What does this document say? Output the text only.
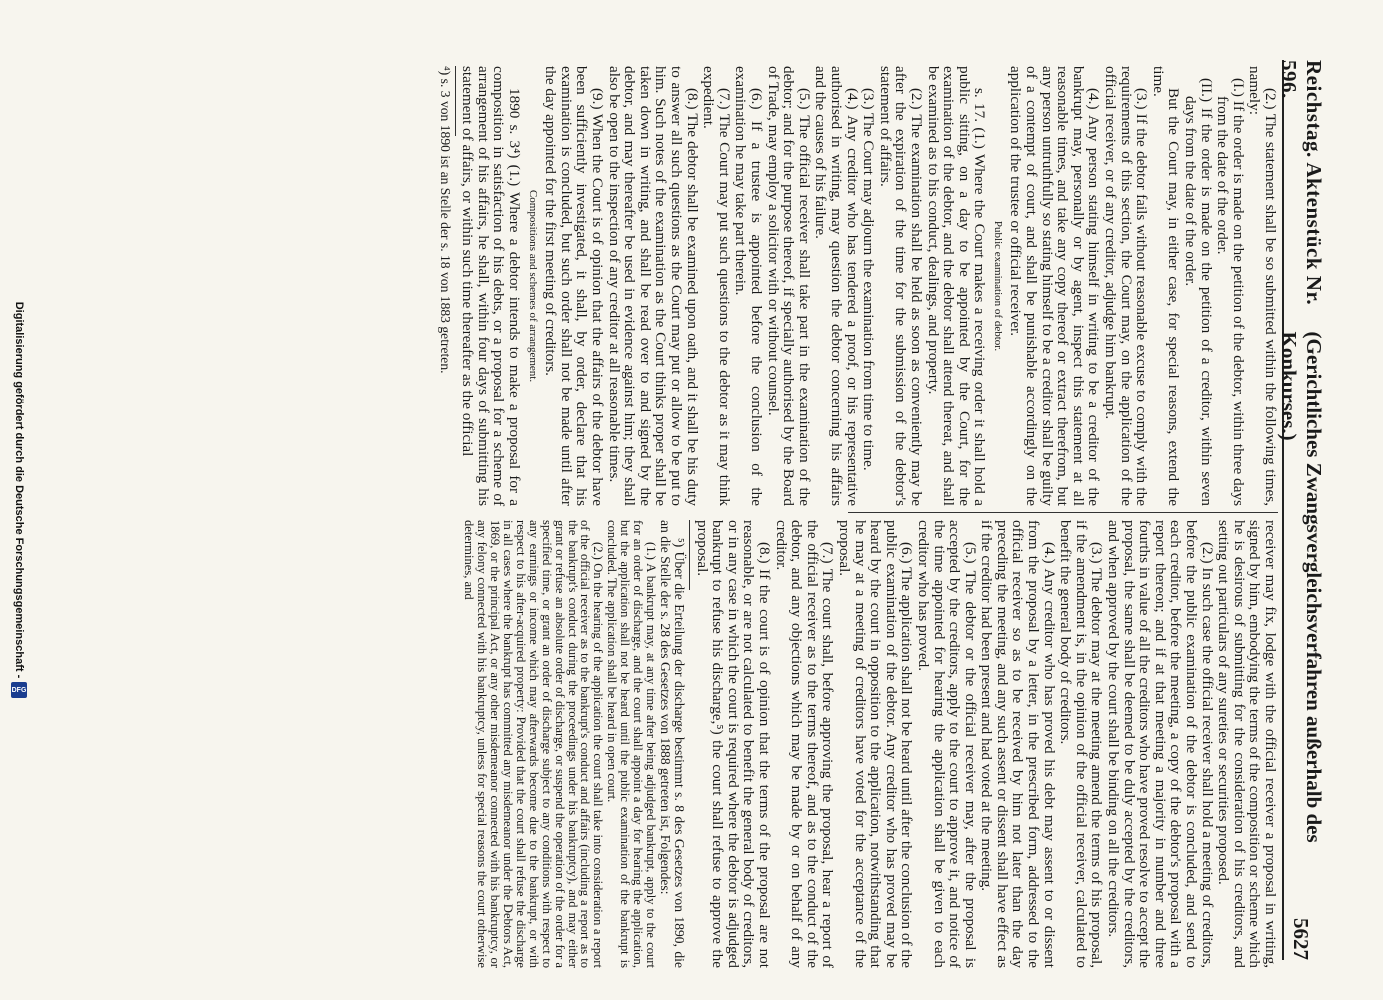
Reichstag. Aktenstück Nr. 596.
(Gerichtliches Zwangsvergleichsverfahren außerhalb des Konkurses.)
5627

(2.) The statement shall be so submitted within the following times, namely:

(I.) If the order is made on the petition of the debtor, within three days from the date of the order.

(II.) If the order is made on the petition of a creditor, within seven days from the date of the order.

But the Court may, in either case, for special reasons, extend the time.

(3.) If the debtor fails without reasonable excuse to comply with the requirements of this section, the Court may, on the application of the official receiver, or of any creditor, adjudge him bankrupt.

(4.) Any person stating himself in writing to be a creditor of the bankrupt may, personally or by agent, inspect this statement at all reasonable times, and take any copy thereof or extract therefrom, but any person untruthfully so stating himself to be a creditor shall be guilty of a contempt of court, and shall be punishable accordingly on the application of the trustee or official receiver.

Public examination of debtor.

s. 17. (1.) Where the Court makes a receiving order it shall hold a public sitting, on a day to be appointed by the Court, for the examination of the debtor, and the debtor shall attend thereat, and shall be examined as to his conduct, dealings, and property.

(2.) The examination shall be held as soon as conveniently may be after the expiration of the time for the submission of the debtor's statement of affairs.

(3.) The Court may adjourn the examination from time to time.

(4.) Any creditor who has tendered a proof, or his representative authorised in writing, may question the debtor concerning his affairs and the causes of his failure.

(5.) The official receiver shall take part in the examination of the debtor; and for the purpose thereof, if specially authorised by the Board of Trade, may employ a solicitor with or without counsel.

(6.) If a trustee is appointed before the conclusion of the examination he may take part therein.

(7.) The Court may put such questions to the debtor as it may think expedient.

(8.) The debtor shall be examined upon oath, and it shall be his duty to answer all such questions as the Court may put or allow to be put to him. Such notes of the examination as the Court thinks proper shall be taken down in writing, and shall be read over to and signed by the debtor, and may thereafter be used in evidence against him; they shall also be open to the inspection of any creditor at all reasonable times.

(9.) When the Court is of opinion that the affairs of the debtor have been sufficiently investigated, it shall, by order, declare that his examination is concluded, but such order shall not be made until after the day appointed for the first meeting of creditors.

Compositions and schemes of arrangement.

1890 s. 3⁴) (1.) Where a debtor intends to make a proposal for a composition in satisfaction of his debts, or a proposal for a scheme of arrangement of his affairs, he shall, within four days of submitting his statement of affairs, or within such time thereafter as the official

⁴) s. 3 von 1890 ist an Stelle der s. 18 von 1883 getreten.

receiver may fix, lodge with the official receiver a proposal in writing, signed by him, embodying the terms of the composition or scheme which he is desirous of submitting for the consideration of his creditors, and setting out particulars of any sureties or securities proposed.

(2.) In such case the official receiver shall hold a meeting of creditors, before the public examination of the debtor is concluded, and send to each creditor, before the meeting, a copy of the debtor's proposal with a report thereon; and if at that meeting a majority in number and three fourths in value of all the creditors who have proved resolve to accept the proposal, the same shall be deemed to be duly accepted by the creditors, and when approved by the court shall be binding on all the creditors.

(3.) The debtor may at the meeting amend the terms of his proposal, if the amendment is, in the opinion of the official receiver, calculated to benefit the general body of creditors.

(4.) Any creditor who has proved his debt may assent to or dissent from the proposal by a letter, in the prescribed form, addressed to the official receiver so as to be received by him not later than the day preceding the meeting, and any such assent or dissent shall have effect as if the creditor had been present and had voted at the meeting.

(5.) The debtor or the official receiver may, after the proposal is accepted by the creditors, apply to the court to approve it, and notice of the time appointed for hearing the application shall be given to each creditor who has proved.

(6.) The application shall not be heard until after the conclusion of the public examination of the debtor. Any creditor who has proved may be heard by the court in opposition to the application, notwithstanding that he may at a meeting of creditors have voted for the acceptance of the proposal.

(7.) The court shall, before approving the proposal, hear a report of the official receiver as to the terms thereof, and as to the conduct of the debtor, and any objections which may be made by or on behalf of any creditor.

(8.) If the court is of opinion that the terms of the proposal are not reasonable, or are not calculated to benefit the general body of creditors, or in any case in which the court is required where the debtor is adjudged bankrupt to refuse his discharge,⁵) the court shall refuse to approve the proposal.

⁵) Über die Erteilung der discharge bestimmt s. 8 des Gesetzes von 1890, die an die Stelle der s. 28 des Gesetzes von 1888 getreten ist, Folgendes:

(1.) A bankrupt may, at any time after being adjudged bankrupt, apply to the court for an order of discharge, and the court shall appoint a day for hearing the application, but the application shall not be heard until the public examination of the bankrupt is concluded. The application shall be heard in open court.

(2.) On the hearing of the application the court shall take into consideration a report of the official receiver as to the bankrupt's conduct and affairs (including a report as to the bankrupt's conduct during the proceedings under his bankruptcy), and may either grant or refuse an absolute order of discharge, or suspend the operation of the order for a specified time, or grant an order of discharge subject to any conditions with respect to any earnings or income which may afterwards become due to the bankrupt, or with respect to his after-acquired property: Provided that the court shall refuse the discharge in all cases where the bankrupt has committed any misdemeanor under the Debtors Act, 1869, or the principal Act, or any other misdemeanor connected with his bankruptcy, or any felony connected with his bankruptcy, unless for special reasons the court otherwise determines, and

Digitalisierung gefördert durch die Deutsche Forschungsgemeinschaft -
DFG
